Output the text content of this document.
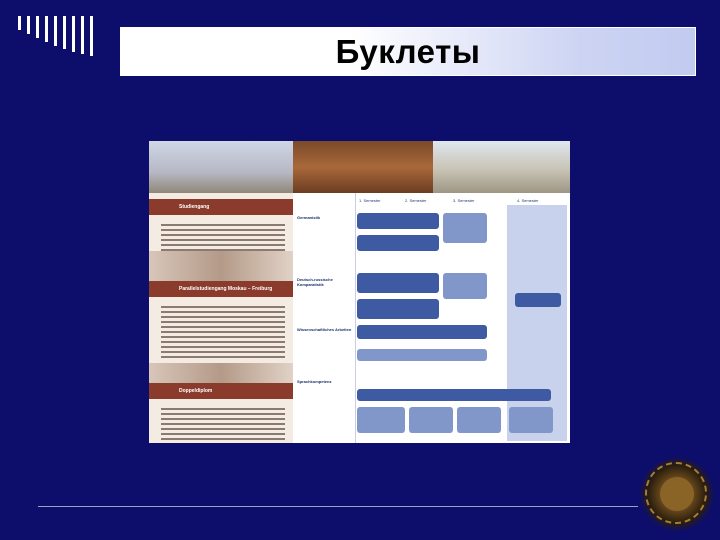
Буклеты
Studiengang
Parallelstudiengang Moskau – Freiburg
Doppeldiplom
Germanistik
Deutsch-russische Komparatistik
Wissenschaftliches Arbeiten
Sprachkompetenz
1. Semester	2. Semester	3. Semester	4. Semester
